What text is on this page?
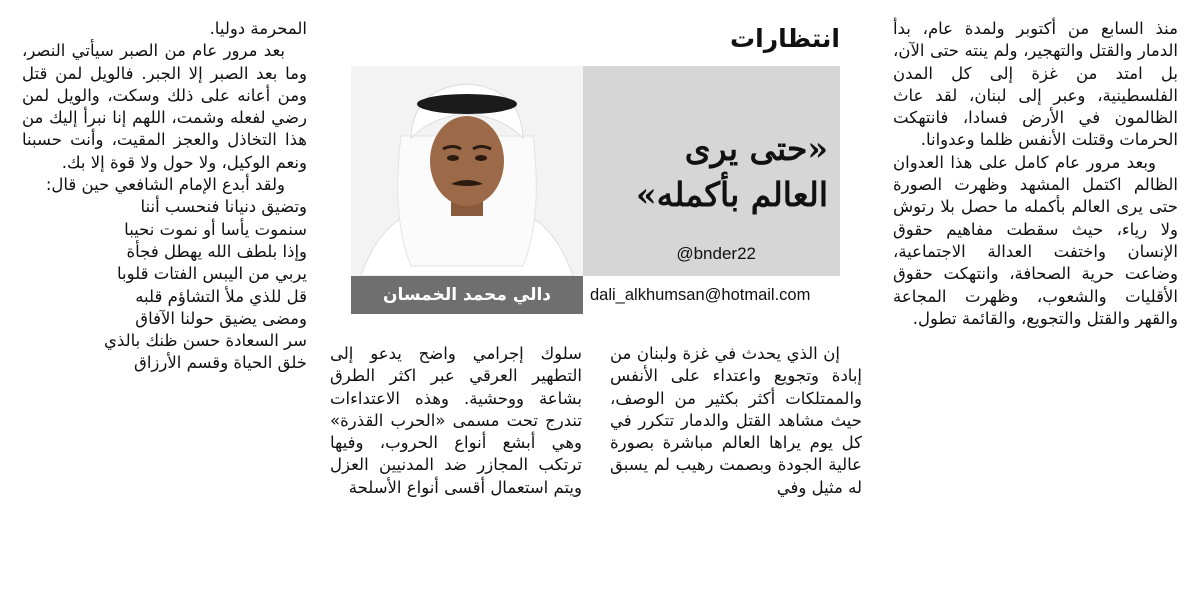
منذ السابع من أكتوبر ولمدة عام، بدأ الدمار والقتل والتهجير، ولم ينته حتى الآن، بل امتد من غزة إلى كل المدن الفلسطينية، وعبر إلى لبنان، لقد عاث الظالمون في الأرض فسادا، فانتهكت الحرمات وقتلت الأنفس ظلما وعدوانا.

وبعد مرور عام كامل على هذا العدوان الظالم اكتمل المشهد وظهرت الصورة حتى يرى العالم بأكمله ما حصل بلا رتوش ولا رياء، حيث سقطت مفاهيم حقوق الإنسان واختفت العدالة الاجتماعية، وضاعت حرية الصحافة، وانتهكت حقوق الأقليات والشعوب، وظهرت المجاعة والقهر والقتل والتجويع، والقائمة تطول.

انتظارات
«حتى يرى
العالم بأكمله»
@bnder22
دالي محمد الخمسان	dali_alkhumsan@hotmail.com

إن الذي يحدث في غزة ولبنان من إبادة وتجويع واعتداء على الأنفس والممتلكات أكثر بكثير من الوصف، حيث مشاهد القتل والدمار تتكرر في كل يوم يراها العالم مباشرة بصورة عالية الجودة وبصمت رهيب لم يسبق له مثيل وفي

سلوك إجرامي واضح يدعو إلى التطهير العرقي عبر اكثر الطرق بشاعة ووحشية. وهذه الاعتداءات تندرج تحت مسمى «الحرب القذرة» وهي أبشع أنواع الحروب، وفيها ترتكب المجازر ضد المدنيين العزل ويتم استعمال أقسى أنواع الأسلحة

المحرمة دوليا.

بعد مرور عام من الصبر سيأتي النصر، وما بعد الصبر إلا الجبر. فالويل لمن قتل ومن أعانه على ذلك وسكت، والويل لمن رضي لفعله وشمت، اللهم إنا نبرأ إليك من هذا التخاذل والعجز المقيت، وأنت حسبنا ونعم الوكيل، ولا حول ولا قوة إلا بك.

ولقد أبدع الإمام الشافعي حين قال:

وتضيق دنيانا فنحسب أننا

سنموت يأسا أو نموت نحيبا

وإذا بلطف الله يهطل فجأة

يربي من اليبس الفتات قلوبا

قل للذي ملأ التشاؤم قلبه

ومضى يضيق حولنا الآفاق

سر السعادة حسن ظنك بالذي

خلق الحياة وقسم الأرزاق
